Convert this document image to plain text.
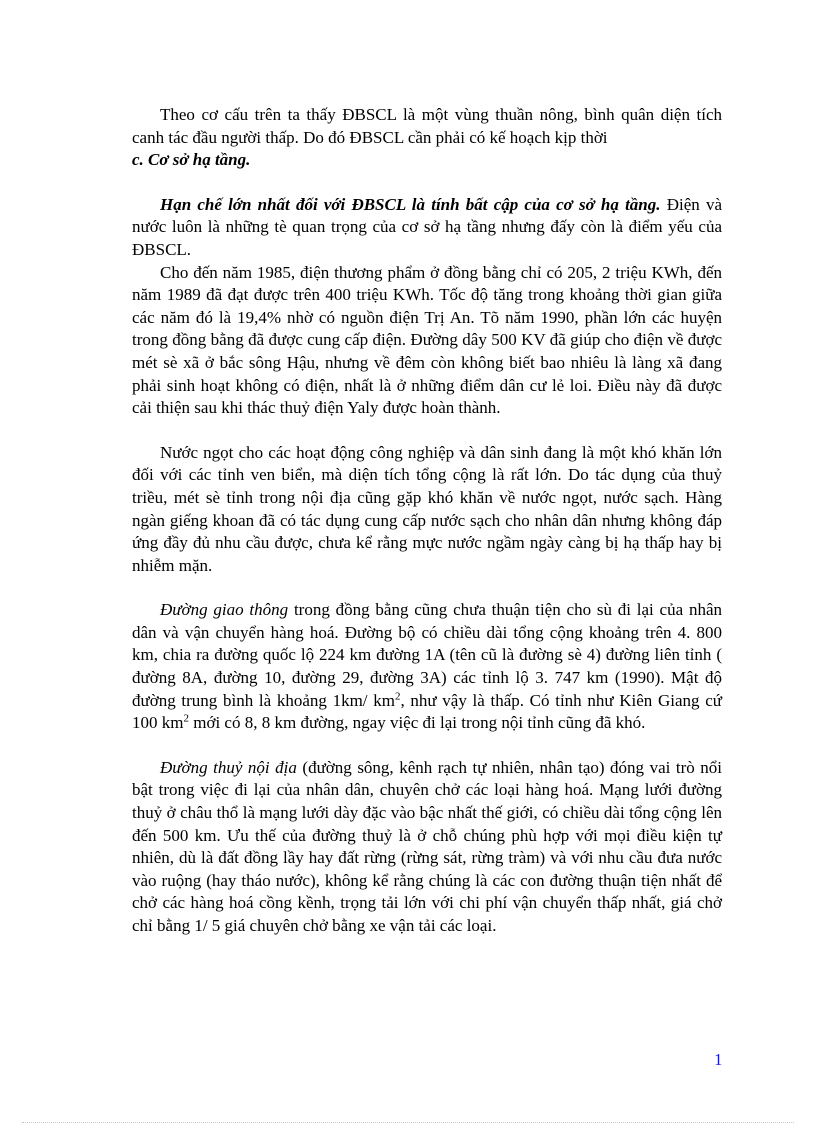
Theo cơ cấu trên ta thấy ĐBSCL là một vùng thuần nông, bình quân diện tích canh tác đầu người thấp. Do đó ĐBSCL cần phải có kế hoạch kịp thời

c. Cơ sở hạ tầng.

Hạn chế lớn nhất đối với ĐBSCL là tính bất cập của cơ sở hạ tầng. Điện và nước luôn là những tè quan trọng của cơ sở hạ tầng nhưng đấy còn là điểm yếu của ĐBSCL.

Cho đến năm 1985, điện thương phẩm ở đồng bằng chỉ có 205, 2 triệu KWh, đến năm 1989 đã đạt được trên 400 triệu KWh. Tốc độ tăng trong khoảng thời gian giữa các năm đó là 19,4% nhờ có nguồn điện Trị An. Tõ năm 1990, phần lớn các huyện trong đồng bằng đã được cung cấp điện. Đường dây 500 KV đã giúp cho điện về được mét sè xã ở bắc sông Hậu, nhưng về đêm còn không biết bao nhiêu là làng xã đang phải sinh hoạt không có điện, nhất là ở những điểm dân cư lẻ loi. Điều này đã được cải thiện sau khi thác thuỷ điện Yaly được hoàn thành.

Nước ngọt cho các hoạt động công nghiệp và dân sinh đang là một khó khăn lớn đối với các tỉnh ven biển, mà diện tích tổng cộng là rất lớn. Do tác dụng của thuỷ triều, mét sè tỉnh trong nội địa cũng gặp khó khăn về nước ngọt, nước sạch. Hàng ngàn giếng khoan đã có tác dụng cung cấp nước sạch cho nhân dân nhưng không đáp ứng đầy đủ nhu cầu được, chưa kể rằng mực nước ngầm ngày càng bị hạ thấp hay bị nhiễm mặn.

Đường giao thông trong đồng bằng cũng chưa thuận tiện cho sù đi lại của nhân dân và vận chuyển hàng hoá. Đường bộ có chiều dài tổng cộng khoảng trên 4. 800 km, chia ra đường quốc lộ 224 km đường 1A (tên cũ là đường sè 4) đường liên tỉnh ( đường 8A, đường 10, đường 29, đường 3A) các tỉnh lộ 3. 747 km (1990). Mật độ đường trung bình là khoảng 1km/ $km^2$, như vậy là thấp. Có tỉnh như Kiên Giang cứ 100 $km^2$ mới có 8, 8 km đường, ngay việc đi lại trong nội tỉnh cũng đã khó.

Đường thuỷ nội địa (đường sông, kênh rạch tự nhiên, nhân tạo) đóng vai trò nổi bật trong việc đi lại của nhân dân, chuyên chở các loại hàng hoá. Mạng lưới đường thuỷ ở châu thổ là mạng lưới dày đặc vào bậc nhất thế giới, có chiều dài tổng cộng lên đến 500 km. Ưu thế của đường thuỷ là ở chỗ chúng phù hợp với mọi điều kiện tự nhiên, dù là đất đồng lầy hay đất rừng (rừng sát, rừng tràm) và với nhu cầu đưa nước vào ruộng (hay tháo nước), không kể rằng chúng là các con đường thuận tiện nhất để chở các hàng hoá cồng kềnh, trọng tải lớn với chi phí vận chuyển thấp nhất, giá chở chỉ bằng 1/ 5 giá chuyên chở bằng xe vận tải các loại.

1
